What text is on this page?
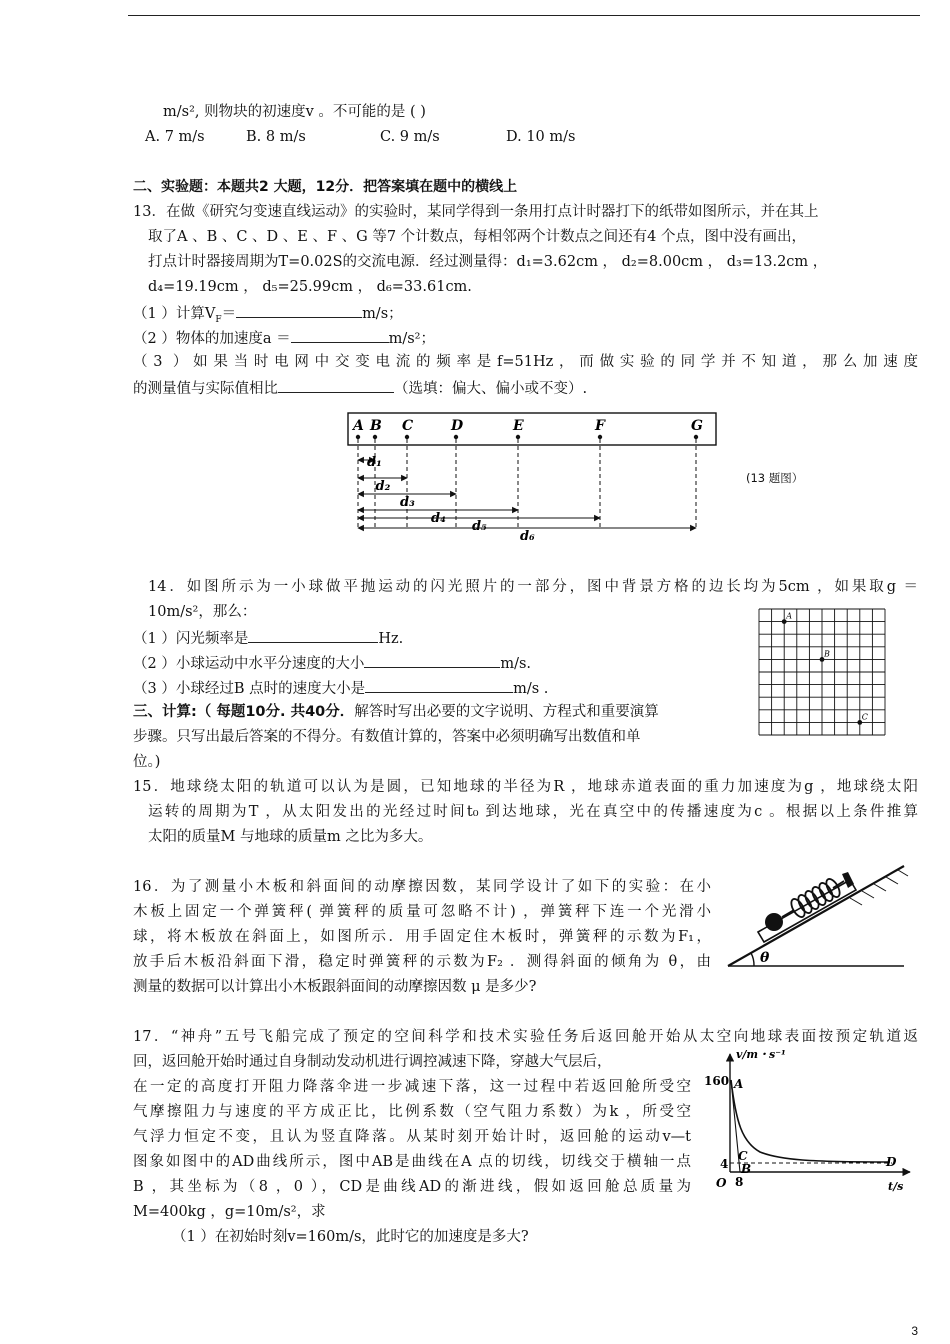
m/s², 则物块的初速度v 。不可能的是 ( )
A. 7 m/s	B. 8 m/s	C. 9 m/s	D. 10 m/s
二、实验题：本题共2 大题，12分．把答案填在题中的横线上
13．在做《研究匀变速直线运动》的实验时，某同学得到一条用打点计时器打下的纸带如图所示，并在其上
取了A 、B 、C 、D 、E 、F 、G 等7 个计数点，每相邻两个计数点之间还有4 个点，图中没有画出，
打点计时器接周期为T=0.02S的交流电源．经过测量得：d₁=3.62cm ， d₂=8.00cm ， d₃=13.2cm ，
d₄=19.19cm ， d₅=25.99cm ， d₆=33.61cm.
（1 ）计算$V_F=$	m/s；
（2 ）物体的加速度a ＝	m/s²；
（3 ）如果当时电网中交变电流的频率是f=51Hz，而做实验的同学并不知道，那么加速度
的测量值与实际值相比	（选填：偏大、偏小或不变）.
A B C	D	E	F	G
d₁
d₂
d₃
d₄
d₅
d₆
(13 题图）
14．如图所示为一小球做平抛运动的闪光照片的一部分，图中背景方格的边长均为5cm ，如果取g ＝
10m/s²，那么：
（1 ）闪光频率是	Hz.
（2 ）小球运动中水平分速度的大小	m/s.
（3 ）小球经过B 点时的速度大小是	m/s .
A
B
C
三、计算:（ 每题10分. 共40分．解答时写出必要的文字说明、方程式和重要演算
步骤。只写出最后答案的不得分。有数值计算的，答案中必须明确写出数值和单
位。)
15．地球绕太阳的轨道可以认为是圆，已知地球的半径为R ，地球赤道表面的重力加速度为g ，地球绕太阳
运转的周期为T ，从太阳发出的光经过时间t₀ 到达地球，光在真空中的传播速度为c 。根据以上条件推算
太阳的质量M 与地球的质量m 之比为多大。
16．为了测量小木板和斜面间的动摩擦因数，某同学设计了如下的实验：在小
木板上固定一个弹簧秤( 弹簧秤的质量可忽略不计) ，弹簧秤下连一个光滑小
球，将木板放在斜面上，如图所示．用手固定住木板时，弹簧秤的示数为F₁，
放手后木板沿斜面下滑，稳定时弹簧秤的示数为F₂ ．测得斜面的倾角为 θ，由
测量的数据可以计算出小木板跟斜面间的动摩擦因数 μ 是多少?
θ
17．“神舟”五号飞船完成了预定的空间科学和技术实验任务后返回舱开始从太空向地球表面按预定轨道返
回，返回舱开始时通过自身制动发动机进行调控减速下降，穿越大气层后，
在一定的高度打开阻力降落伞进一步减速下落，这一过程中若返回舱所受空
气摩擦阻力与速度的平方成正比，比例系数（空气阻力系数）为k ，所受空
气浮力恒定不变，且认为竖直降落。从某时刻开始计时，返回舱的运动v—t
图象如图中的AD曲线所示，图中AB是曲线在A 点的切线，切线交于横轴一点
B ，其坐标为（8 ，0 ），CD是曲线AD的渐进线，假如返回舱总质量为
M=400kg ，g=10m/s²，求
（1 ）在初始时刻v=160m/s，此时它的加速度是多大?
v/m・s⁻¹
t/s
O
160
4
8
A
B
C	D
3
